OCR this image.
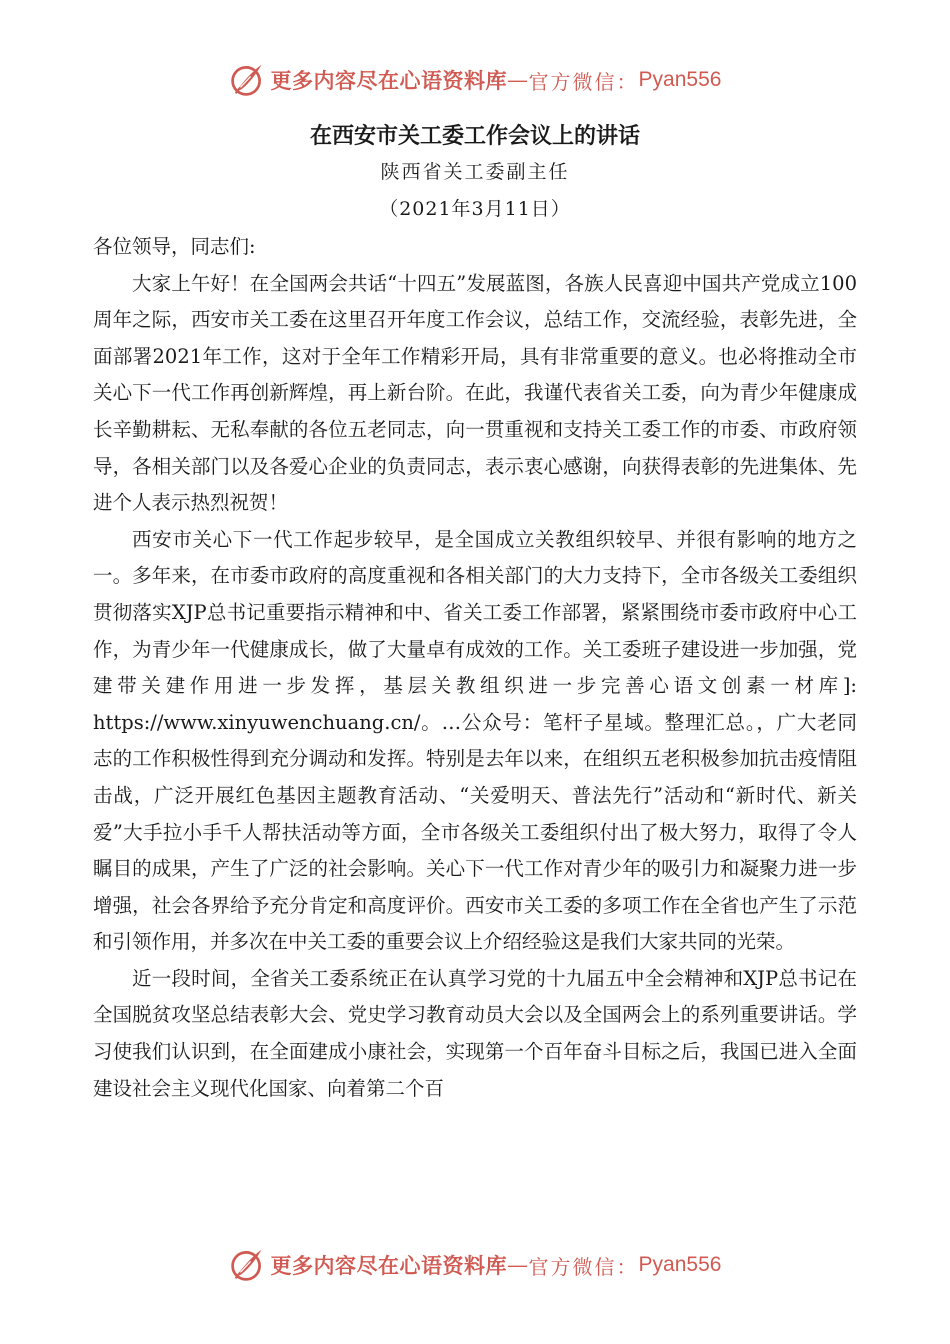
更多内容尽在心语资料库 — 官方微信： Pyan556
在西安市关工委工作会议上的讲话
陕西省关工委副主任
（2021年3月11日）

各位领导，同志们:

大家上午好！在全国两会共话“十四五”发展蓝图，各族人民喜迎中国共产党成立100周年之际，西安市关工委在这里召开年度工作会议，总结工作，交流经验，表彰先进，全面部署2021年工作，这对于全年工作精彩开局，具有非常重要的意义。也必将推动全市关心下一代工作再创新辉煌，再上新台阶。在此，我谨代表省关工委，向为青少年健康成长辛勤耕耘、无私奉献的各位五老同志，向一贯重视和支持关工委工作的市委、市政府领导，各相关部门以及各爱心企业的负责同志，表示衷心感谢，向获得表彰的先进集体、先进个人表示热烈祝贺！

西安市关心下一代工作起步较早，是全国成立关教组织较早、并很有影响的地方之一。多年来，在市委市政府的高度重视和各相关部门的大力支持下，全市各级关工委组织贯彻落实XJP总书记重要指示精神和中、省关工委工作部署，紧紧围绕市委市政府中心工作，为青少年一代健康成长，做了大量卓有成效的工作。关工委班子建设进一步加强，党建带关建作用进一步发挥，基层关教组织进一步完善心语文创素一材库]: https://www.xinyuwenchuang.cn/。…公众号：笔杆子星域。整理汇总。，广大老同志的工作积极性得到充分调动和发挥。特别是去年以来，在组织五老积极参加抗击疫情阻击战，广泛开展红色基因主题教育活动、“关爱明天、普法先行”活动和“新时代、新关爱”大手拉小手千人帮扶活动等方面，全市各级关工委组织付出了极大努力，取得了令人瞩目的成果，产生了广泛的社会影响。关心下一代工作对青少年的吸引力和凝聚力进一步增强，社会各界给予充分肯定和高度评价。西安市关工委的多项工作在全省也产生了示范和引领作用，并多次在中关工委的重要会议上介绍经验这是我们大家共同的光荣。

近一段时间，全省关工委系统正在认真学习党的十九届五中全会精神和XJP总书记在全国脱贫攻坚总结表彰大会、党史学习教育动员大会以及全国两会上的系列重要讲话。学习使我们认识到，在全面建成小康社会，实现第一个百年奋斗目标之后，我国已进入全面建设社会主义现代化国家、向着第二个百

更多内容尽在心语资料库 — 官方微信： Pyan556
